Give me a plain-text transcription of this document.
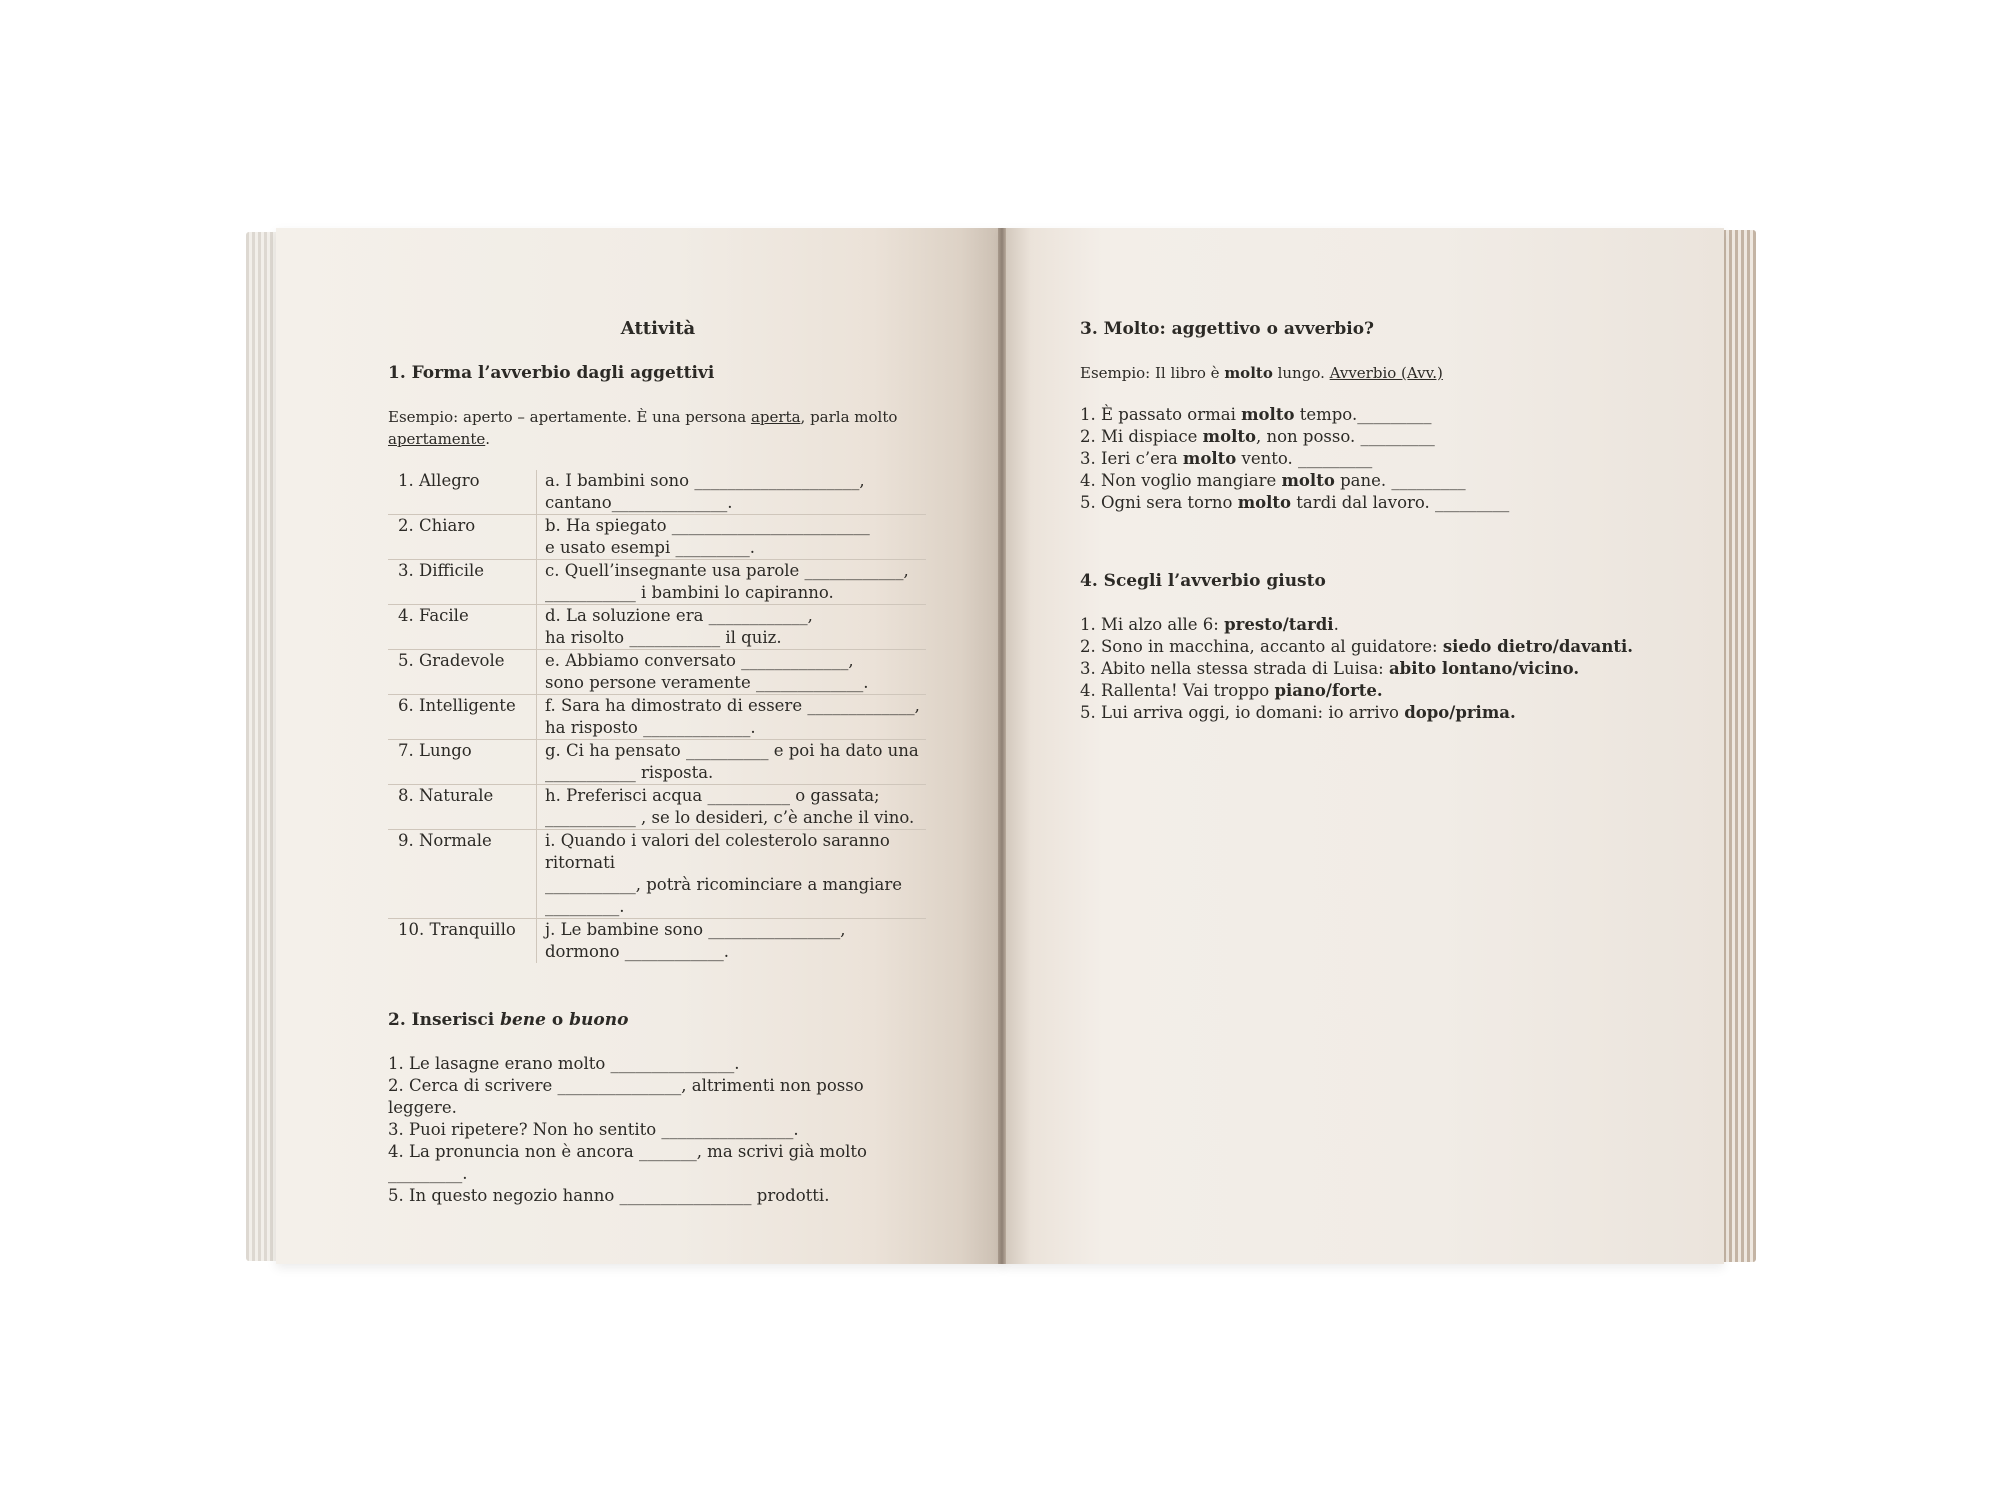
Attività
1. Forma l’avverbio dagli aggettivi
Esempio: aperto – apertamente. È una persona aperta, parla molto apertamente.
1. Allegro	a. I bambini sono ____________________,
cantano______________.

2. Chiaro	b. Ha spiegato ________________________
e usato esempi _________.

3. Difficile	c. Quell’insegnante usa parole ____________,
___________ i bambini lo capiranno.

4. Facile	d. La soluzione era ____________,
ha risolto ___________ il quiz.

5. Gradevole	e. Abbiamo conversato _____________,
sono persone veramente _____________.

6. Intelligente	f. Sara ha dimostrato di essere _____________,
ha risposto _____________.

7. Lungo	g. Ci ha pensato __________ e poi ha dato una
___________ risposta.

8. Naturale	h. Preferisci acqua __________ o gassata;
___________ , se lo desideri, c’è anche il vino.

9. Normale	i. Quando i valori del colesterolo saranno ritornati
___________, potrà ricominciare a mangiare
_________.

10. Tranquillo	j. Le bambine sono ________________,
dormono ____________.
2. Inserisci bene o buono
1. Le lasagne erano molto _______________.
2. Cerca di scrivere _______________, altrimenti non posso leggere.
3. Puoi ripetere? Non ho sentito ________________.
4. La pronuncia non è ancora _______, ma scrivi già molto _________.
5. In questo negozio hanno ________________ prodotti.
3. Molto: aggettivo o avverbio?
Esempio: Il libro è molto lungo. Avverbio (Avv.)
1. È passato ormai molto tempo._________
2. Mi dispiace molto, non posso. _________
3. Ieri c’era molto vento. _________
4. Non voglio mangiare molto pane. _________
5. Ogni sera torno molto tardi dal lavoro. _________
4. Scegli l’avverbio giusto
1. Mi alzo alle 6: presto/tardi.
2. Sono in macchina, accanto al guidatore: siedo dietro/davanti.
3. Abito nella stessa strada di Luisa: abito lontano/vicino.
4. Rallenta! Vai troppo piano/forte.
5. Lui arriva oggi, io domani: io arrivo dopo/prima.
